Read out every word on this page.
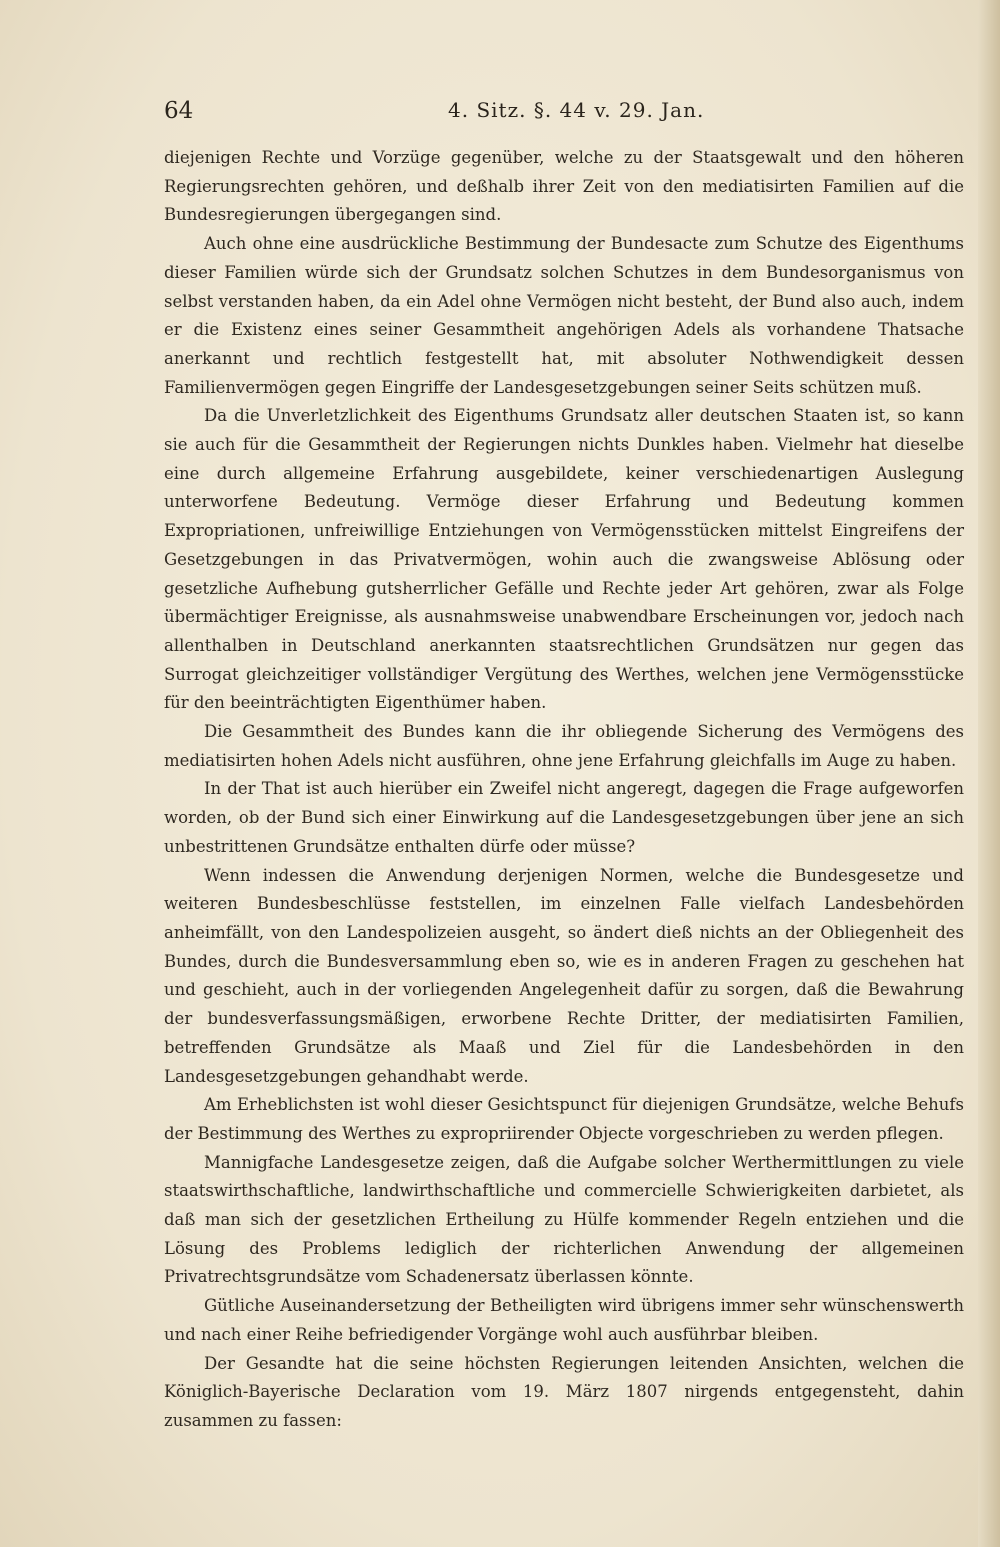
64	4. Sitz. §. 44 v. 29. Jan.

diejenigen Rechte und Vorzüge gegenüber, welche zu der Staatsgewalt und den höheren Regierungsrechten gehören, und deßhalb ihrer Zeit von den mediatisirten Familien auf die Bundesregierungen übergegangen sind.

Auch ohne eine ausdrückliche Bestimmung der Bundesacte zum Schutze des Eigenthums dieser Familien würde sich der Grundsatz solchen Schutzes in dem Bundesorganismus von selbst verstanden haben, da ein Adel ohne Vermögen nicht besteht, der Bund also auch, indem er die Existenz eines seiner Gesammtheit angehörigen Adels als vorhandene Thatsache anerkannt und rechtlich festgestellt hat, mit absoluter Nothwendigkeit dessen Familienvermögen gegen Eingriffe der Landesgesetzgebungen seiner Seits schützen muß.

Da die Unverletzlichkeit des Eigenthums Grundsatz aller deutschen Staaten ist, so kann sie auch für die Gesammtheit der Regierungen nichts Dunkles haben. Vielmehr hat dieselbe eine durch allgemeine Erfahrung ausgebildete, keiner verschiedenartigen Auslegung unterworfene Bedeutung. Vermöge dieser Erfahrung und Bedeutung kommen Expropriationen, unfreiwillige Entziehungen von Vermögensstücken mittelst Eingreifens der Gesetzgebungen in das Privatvermögen, wohin auch die zwangsweise Ablösung oder gesetzliche Aufhebung gutsherrlicher Gefälle und Rechte jeder Art gehören, zwar als Folge übermächtiger Ereignisse, als ausnahmsweise unabwendbare Erscheinungen vor, jedoch nach allenthalben in Deutschland anerkannten staatsrechtlichen Grundsätzen nur gegen das Surrogat gleichzeitiger vollständiger Vergütung des Werthes, welchen jene Vermögensstücke für den beeinträchtigten Eigenthümer haben.

Die Gesammtheit des Bundes kann die ihr obliegende Sicherung des Vermögens des mediatisirten hohen Adels nicht ausführen, ohne jene Erfahrung gleichfalls im Auge zu haben.

In der That ist auch hierüber ein Zweifel nicht angeregt, dagegen die Frage aufgeworfen worden, ob der Bund sich einer Einwirkung auf die Landesgesetzgebungen über jene an sich unbestrittenen Grundsätze enthalten dürfe oder müsse?

Wenn indessen die Anwendung derjenigen Normen, welche die Bundesgesetze und weiteren Bundesbeschlüsse feststellen, im einzelnen Falle vielfach Landesbehörden anheimfällt, von den Landespolizeien ausgeht, so ändert dieß nichts an der Obliegenheit des Bundes, durch die Bundesversammlung eben so, wie es in anderen Fragen zu geschehen hat und geschieht, auch in der vorliegenden Angelegenheit dafür zu sorgen, daß die Bewahrung der bundesverfassungsmäßigen, erworbene Rechte Dritter, der mediatisirten Familien, betreffenden Grundsätze als Maaß und Ziel für die Landesbehörden in den Landesgesetzgebungen gehandhabt werde.

Am Erheblichsten ist wohl dieser Gesichtspunct für diejenigen Grundsätze, welche Behufs der Bestimmung des Werthes zu expropriirender Objecte vorgeschrieben zu werden pflegen.

Mannigfache Landesgesetze zeigen, daß die Aufgabe solcher Werthermittlungen zu viele staatswirthschaftliche, landwirthschaftliche und commercielle Schwierigkeiten darbietet, als daß man sich der gesetzlichen Ertheilung zu Hülfe kommender Regeln entziehen und die Lösung des Problems lediglich der richterlichen Anwendung der allgemeinen Privatrechtsgrundsätze vom Schadenersatz überlassen könnte.

Gütliche Auseinandersetzung der Betheiligten wird übrigens immer sehr wünschenswerth und nach einer Reihe befriedigender Vorgänge wohl auch ausführbar bleiben.

Der Gesandte hat die seine höchsten Regierungen leitenden Ansichten, welchen die Königlich-Bayerische Declaration vom 19. März 1807 nirgends entgegensteht, dahin zusammen zu fassen:
